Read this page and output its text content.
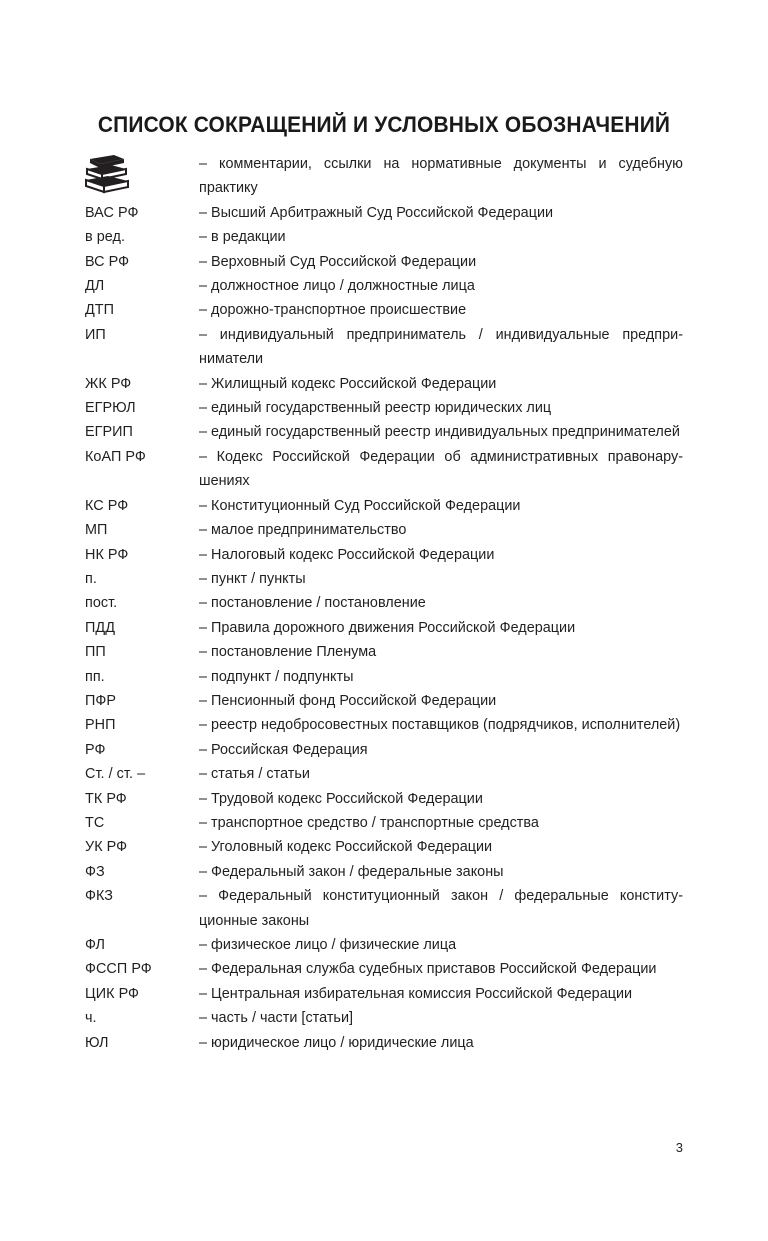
СПИСОК СОКРАЩЕНИЙ И УСЛОВНЫХ ОБОЗНАЧЕНИЙ
– комментарии, ссылки на нормативные документы и судебную практику
ВАС РФ	– Высший Арбитражный Суд Российской Федерации
в ред.	– в редакции
ВС РФ	– Верховный Суд Российской Федерации
ДЛ	– должностное лицо / должностные лица
ДТП	– дорожно-транспортное происшествие
ИП	– индивидуальный предприниматель / индивидуальные предприниматели
ЖК РФ	– Жилищный кодекс Российской Федерации
ЕГРЮЛ	– единый государственный реестр юридических лиц
ЕГРИП	– единый государственный реестр индивидуальных предпринимателей
КоАП РФ	– Кодекс Российской Федерации об административных правонарушениях
КС РФ	– Конституционный Суд Российской Федерации
МП	– малое предпринимательство
НК РФ	– Налоговый кодекс Российской Федерации
п.	– пункт / пункты
пост.	– постановление / постановление
ПДД	– Правила дорожного движения Российской Федерации
ПП	– постановление Пленума
пп.	– подпункт / подпункты
ПФР	– Пенсионный фонд Российской Федерации
РНП	– реестр недобросовестных поставщиков (подрядчиков, исполнителей)
РФ	– Российская Федерация
Ст. / ст. –	– статья / статьи
ТК РФ	– Трудовой кодекс Российской Федерации
ТС	– транспортное средство / транспортные средства
УК РФ	– Уголовный кодекс Российской Федерации
ФЗ	– Федеральный закон / федеральные законы
ФКЗ	– Федеральный конституционный закон / федеральные конституционные законы
ФЛ	– физическое лицо / физические лица
ФССП РФ	– Федеральная служба судебных приставов Российской Федерации
ЦИК РФ	– Центральная избирательная комиссия Российской Федерации
ч.	– часть / части [статьи]
ЮЛ	– юридическое лицо / юридические лица
3
